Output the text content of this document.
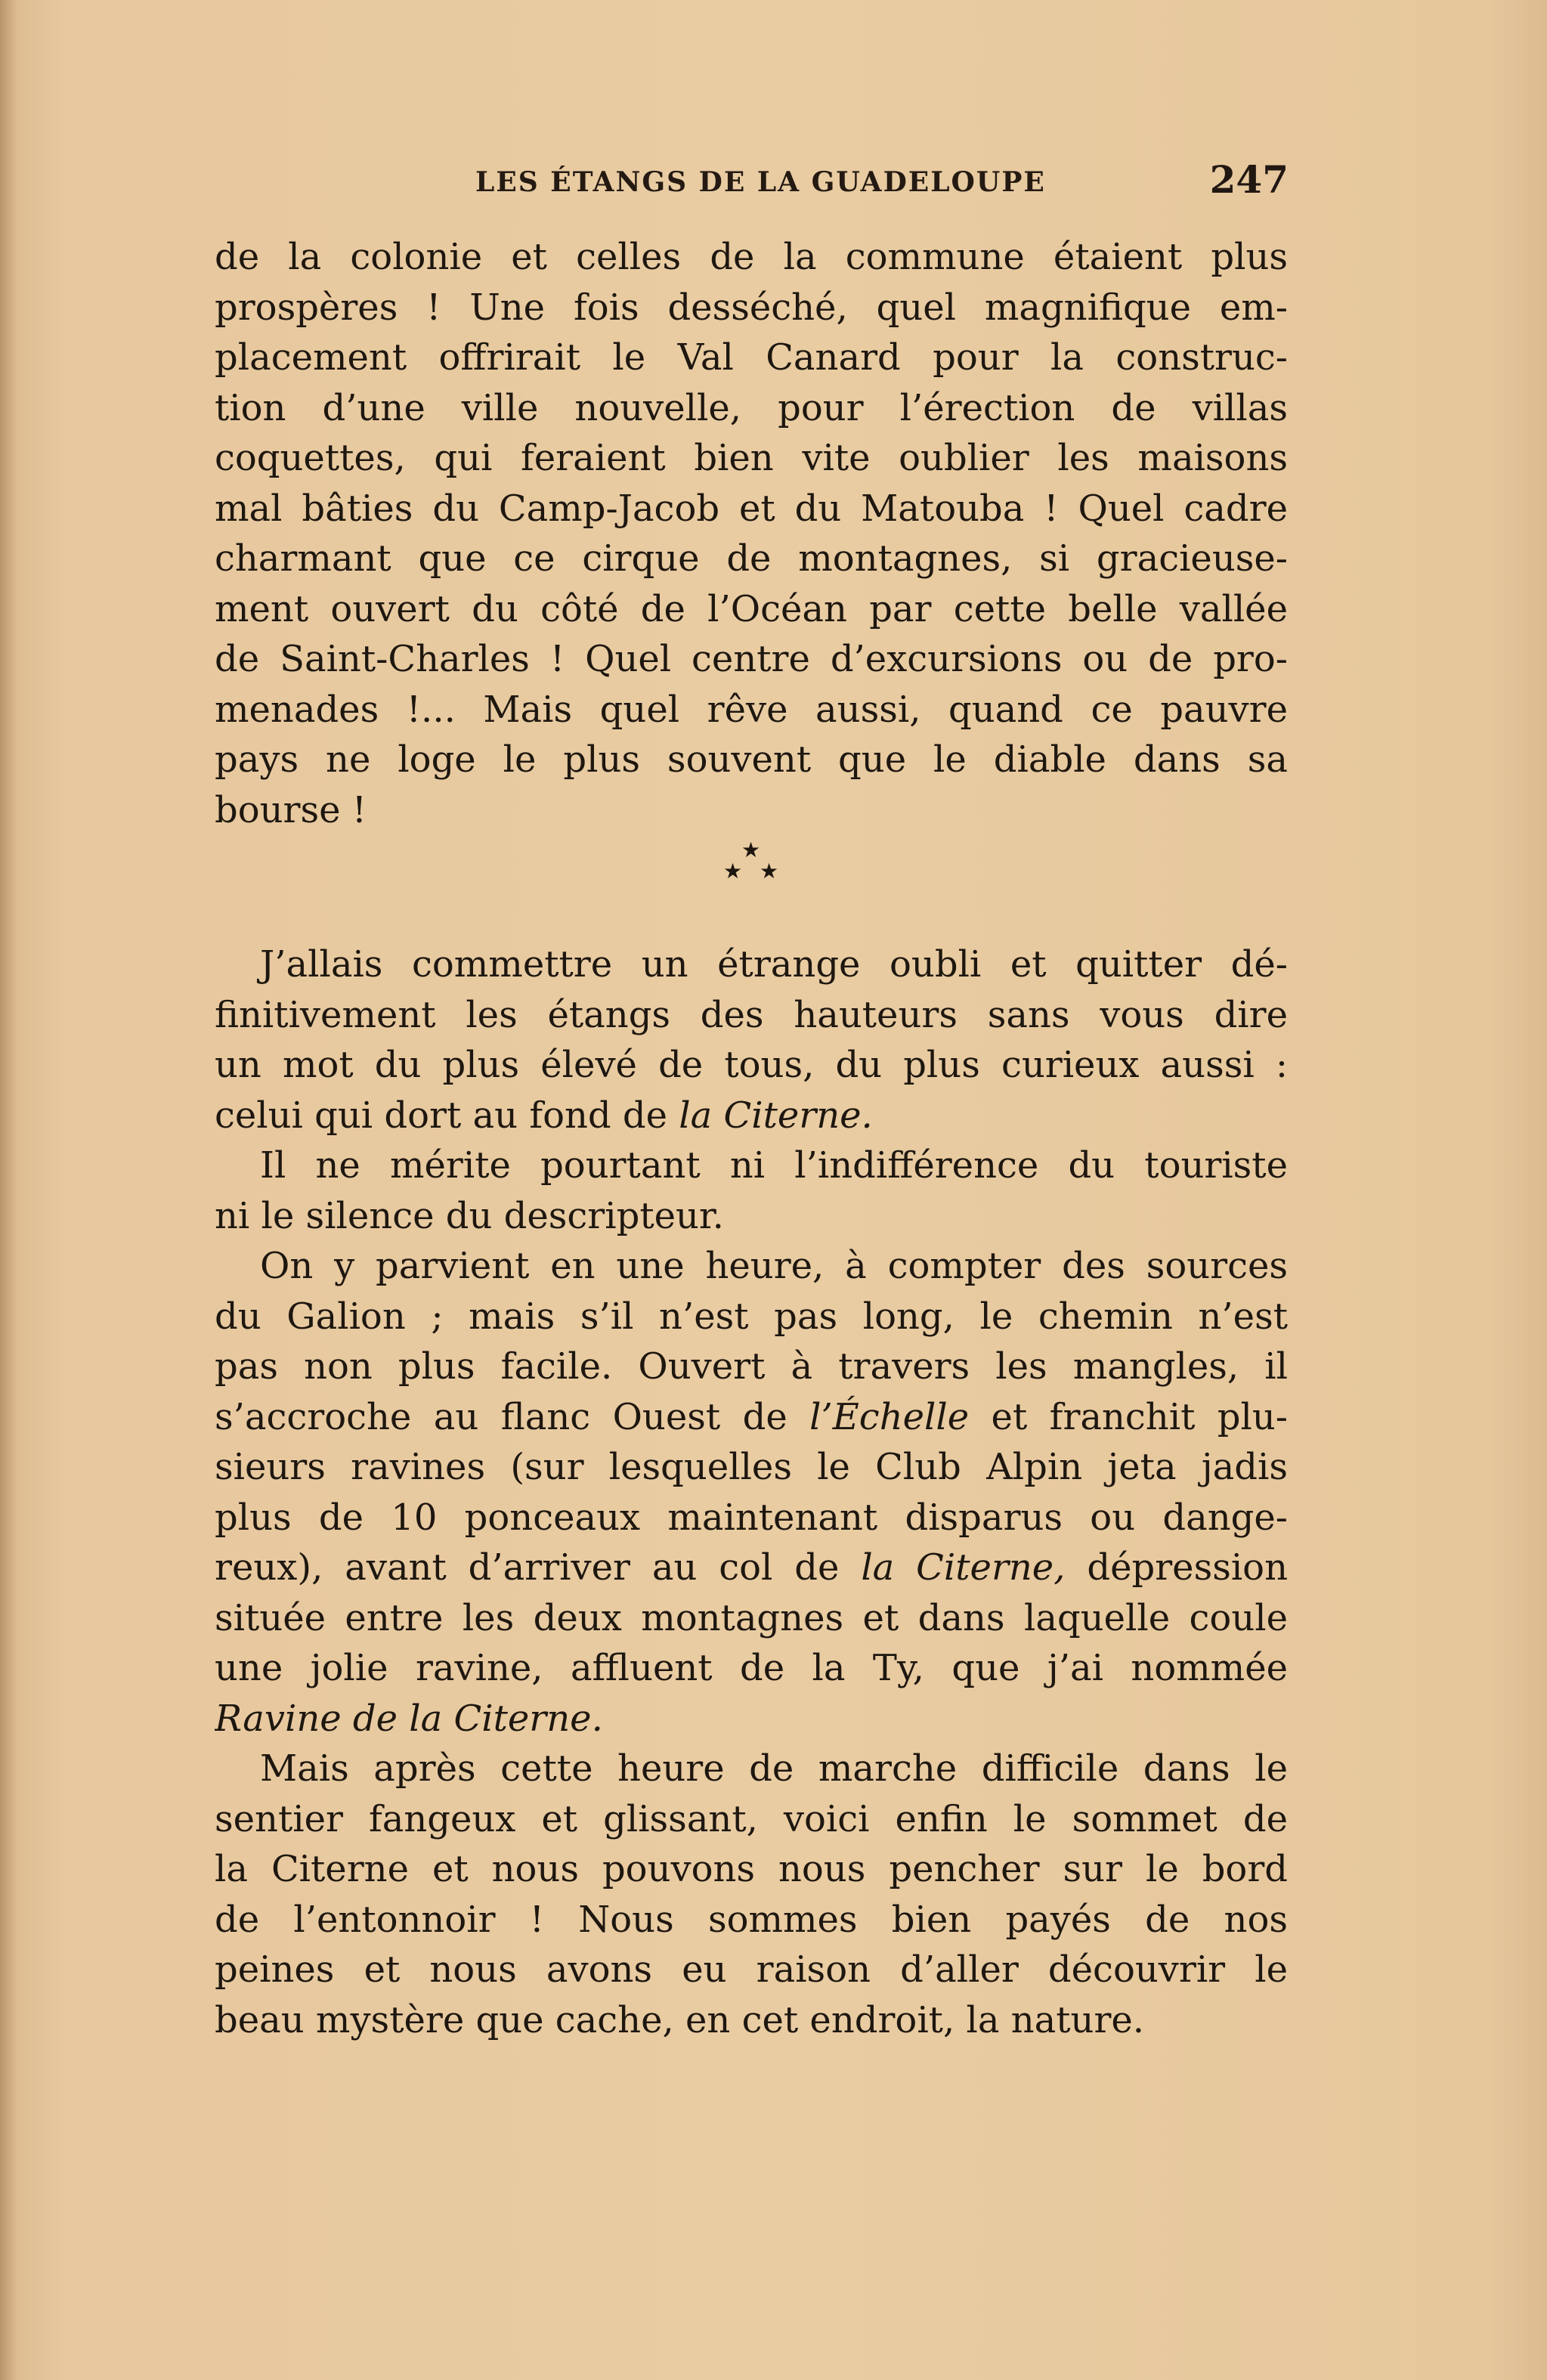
LES ÉTANGS DE LA GUADELOUPE	247
de la colonie et celles de la commune étaient plus
prospères ! Une fois desséché, quel magnifique em-
placement offrirait le Val Canard pour la construc-
tion d’une ville nouvelle, pour l’érection de villas
coquettes, qui feraient bien vite oublier les maisons
mal bâties du Camp-Jacob et du Matouba ! Quel cadre
charmant que ce cirque de montagnes, si gracieuse-
ment ouvert du côté de l’Océan par cette belle vallée
de Saint-Charles ! Quel centre d’excursions ou de pro-
menades !... Mais quel rêve aussi, quand ce pauvre
pays ne loge le plus souvent que le diable dans sa
bourse !
★
★ ★
J’allais commettre un étrange oubli et quitter dé-
finitivement les étangs des hauteurs sans vous dire
un mot du plus élevé de tous, du plus curieux aussi :
celui qui dort au fond de la Citerne.
Il ne mérite pourtant ni l’indifférence du touriste
ni le silence du descripteur.
On y parvient en une heure, à compter des sources
du Galion ; mais s’il n’est pas long, le chemin n’est
pas non plus facile. Ouvert à travers les mangles, il
s’accroche au flanc Ouest de l’Échelle et franchit plu-
sieurs ravines (sur lesquelles le Club Alpin jeta jadis
plus de 10 ponceaux maintenant disparus ou dange-
reux), avant d’arriver au col de la Citerne, dépression
située entre les deux montagnes et dans laquelle coule
une jolie ravine, affluent de la Ty, que j’ai nommée
Ravine de la Citerne.
Mais après cette heure de marche difficile dans le
sentier fangeux et glissant, voici enfin le sommet de
la Citerne et nous pouvons nous pencher sur le bord
de l’entonnoir ! Nous sommes bien payés de nos
peines et nous avons eu raison d’aller découvrir le
beau mystère que cache, en cet endroit, la nature.
